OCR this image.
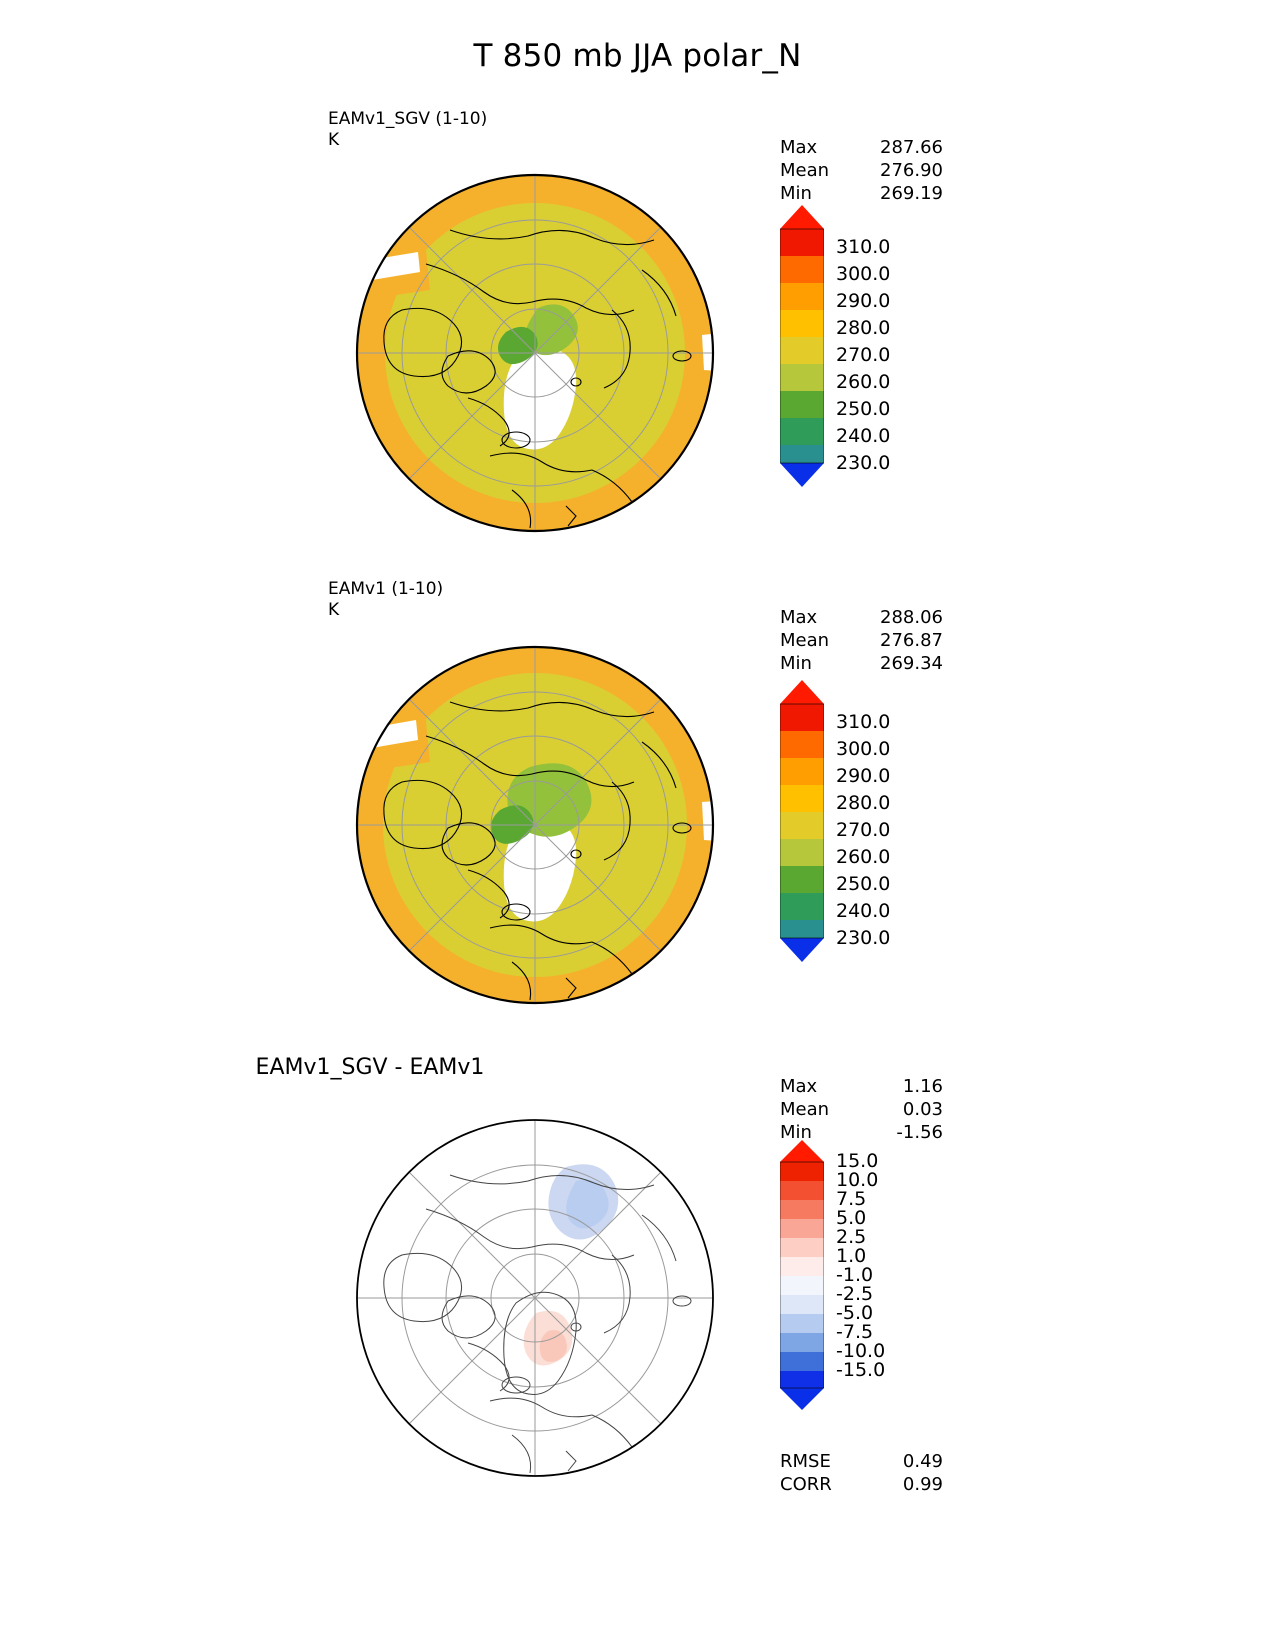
T 850 mb JJA polar_N
EAMv1_SGV (1-10)
K	Max	287.66
Mean	276.90
Min	269.19
310.0
300.0
290.0
280.0
270.0
260.0
250.0
240.0
230.0
EAMv1 (1-10)
K	Max	288.06
Mean	276.87
Min	269.34
310.0
300.0
290.0
280.0
270.0
260.0
250.0
240.0
230.0
EAMv1_SGV - EAMv1
Max	1.16
Mean	0.03
Min	-1.56
15.0
10.0
7.5
5.0
2.5
1.0
-1.0
-2.5
-5.0
-7.5
-10.0
-15.0
RMSE	0.49
CORR	0.99
